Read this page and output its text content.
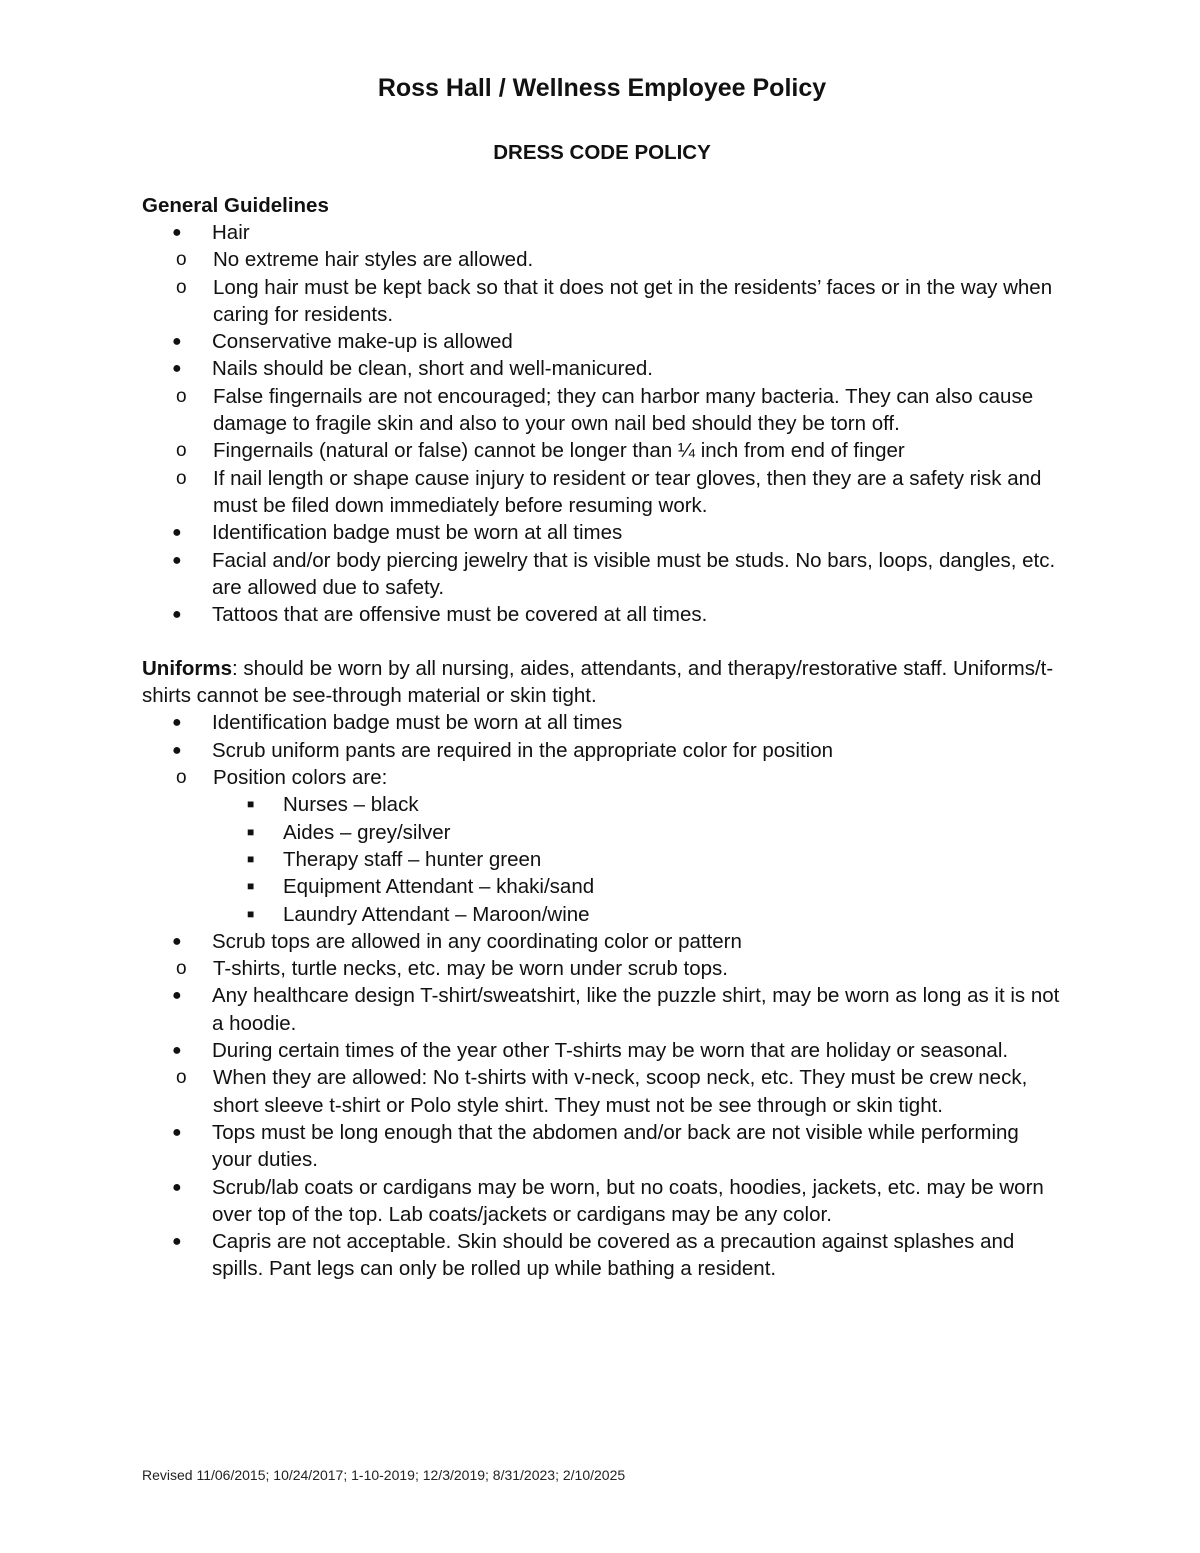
Ross Hall / Wellness Employee Policy
DRESS CODE POLICY
General Guidelines
● Hair
o No extreme hair styles are allowed.
o Long hair must be kept back so that it does not get in the residents’ faces or in the way when caring for residents.
● Conservative make-up is allowed
● Nails should be clean, short and well-manicured.
o False fingernails are not encouraged; they can harbor many bacteria. They can also cause damage to fragile skin and also to your own nail bed should they be torn off.
o Fingernails (natural or false) cannot be longer than ¼ inch from end of finger
o If nail length or shape cause injury to resident or tear gloves, then they are a safety risk and must be filed down immediately before resuming work.
● Identification badge must be worn at all times
● Facial and/or body piercing jewelry that is visible must be studs. No bars, loops, dangles, etc. are allowed due to safety.
● Tattoos that are offensive must be covered at all times.

Uniforms: should be worn by all nursing, aides, attendants, and therapy/restorative staff. Uniforms/t-shirts cannot be see-through material or skin tight.

● Identification badge must be worn at all times
● Scrub uniform pants are required in the appropriate color for position
o Position colors are:
■ Nurses – black
■ Aides – grey/silver
■ Therapy staff – hunter green
■ Equipment Attendant – khaki/sand
■ Laundry Attendant – Maroon/wine
● Scrub tops are allowed in any coordinating color or pattern
o T-shirts, turtle necks, etc. may be worn under scrub tops.
● Any healthcare design T-shirt/sweatshirt, like the puzzle shirt, may be worn as long as it is not a hoodie.
● During certain times of the year other T-shirts may be worn that are holiday or seasonal.
o When they are allowed: No t-shirts with v-neck, scoop neck, etc. They must be crew neck, short sleeve t-shirt or Polo style shirt. They must not be see through or skin tight.
● Tops must be long enough that the abdomen and/or back are not visible while performing your duties.
● Scrub/lab coats or cardigans may be worn, but no coats, hoodies, jackets, etc. may be worn over top of the top. Lab coats/jackets or cardigans may be any color.
● Capris are not acceptable. Skin should be covered as a precaution against splashes and spills. Pant legs can only be rolled up while bathing a resident.
Revised 11/06/2015; 10/24/2017; 1-10-2019; 12/3/2019; 8/31/2023; 2/10/2025
